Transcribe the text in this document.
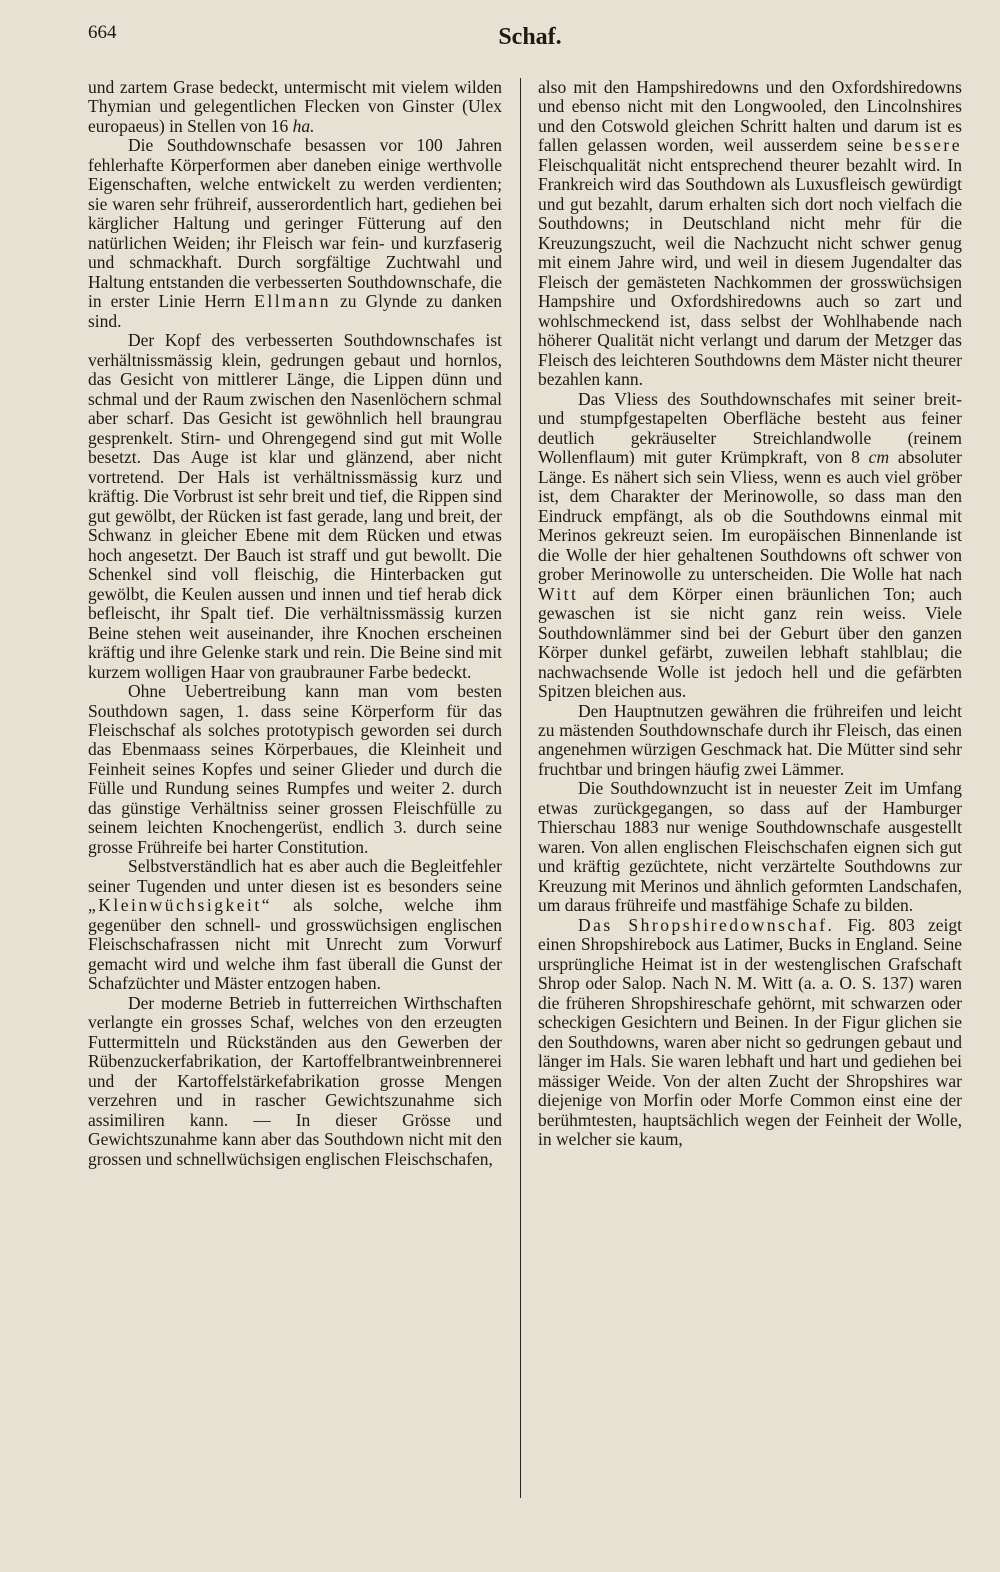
664	Schaf.

und zartem Grase bedeckt, untermischt mit vielem wilden Thymian und gelegentlichen Flecken von Ginster (Ulex europaeus) in Stellen von 16 ha.

Die Southdownschafe besassen vor 100 Jahren fehlerhafte Körperformen aber daneben einige werthvolle Eigenschaften, welche entwickelt zu werden verdienten; sie waren sehr frühreif, ausserordentlich hart, gediehen bei kärglicher Haltung und geringer Fütterung auf den natürlichen Weiden; ihr Fleisch war fein- und kurzfaserig und schmackhaft. Durch sorgfältige Zuchtwahl und Haltung entstanden die verbesserten Southdownschafe, die in erster Linie Herrn Ellmann zu Glynde zu danken sind.

Der Kopf des verbesserten Southdownschafes ist verhältnissmässig klein, gedrungen gebaut und hornlos, das Gesicht von mittlerer Länge, die Lippen dünn und schmal und der Raum zwischen den Nasenlöchern schmal aber scharf. Das Gesicht ist gewöhnlich hell braungrau gesprenkelt. Stirn- und Ohrengegend sind gut mit Wolle besetzt. Das Auge ist klar und glänzend, aber nicht vortretend. Der Hals ist verhältnissmässig kurz und kräftig. Die Vorbrust ist sehr breit und tief, die Rippen sind gut gewölbt, der Rücken ist fast gerade, lang und breit, der Schwanz in gleicher Ebene mit dem Rücken und etwas hoch angesetzt. Der Bauch ist straff und gut bewollt. Die Schenkel sind voll fleischig, die Hinterbacken gut gewölbt, die Keulen aussen und innen und tief herab dick befleischt, ihr Spalt tief. Die verhältnissmässig kurzen Beine stehen weit auseinander, ihre Knochen erscheinen kräftig und ihre Gelenke stark und rein. Die Beine sind mit kurzem wolligen Haar von graubrauner Farbe bedeckt.

Ohne Uebertreibung kann man vom besten Southdown sagen, 1. dass seine Körperform für das Fleischschaf als solches prototypisch geworden sei durch das Ebenmaass seines Körperbaues, die Kleinheit und Feinheit seines Kopfes und seiner Glieder und durch die Fülle und Rundung seines Rumpfes und weiter 2. durch das günstige Verhältniss seiner grossen Fleischfülle zu seinem leichten Knochengerüst, endlich 3. durch seine grosse Frühreife bei harter Constitution.

Selbstverständlich hat es aber auch die Begleitfehler seiner Tugenden und unter diesen ist es besonders seine „Kleinwüchsigkeit“ als solche, welche ihm gegenüber den schnell- und grosswüchsigen englischen Fleischschafrassen nicht mit Unrecht zum Vorwurf gemacht wird und welche ihm fast überall die Gunst der Schafzüchter und Mäster entzogen haben.

Der moderne Betrieb in futterreichen Wirthschaften verlangte ein grosses Schaf, welches von den erzeugten Futtermitteln und Rückständen aus den Gewerben der Rübenzuckerfabrikation, der Kartoffelbrantweinbrennerei und der Kartoffelstärkefabrikation grosse Mengen verzehren und in rascher Gewichtszunahme sich assimiliren kann. — In dieser Grösse und Gewichtszunahme kann aber das Southdown nicht mit den grossen und schnellwüchsigen englischen Fleischschafen,

also mit den Hampshiredowns und den Oxfordshiredowns und ebenso nicht mit den Longwooled, den Lincolnshires und den Cotswold gleichen Schritt halten und darum ist es fallen gelassen worden, weil ausserdem seine bessere Fleischqualität nicht entsprechend theurer bezahlt wird. In Frankreich wird das Southdown als Luxusfleisch gewürdigt und gut bezahlt, darum erhalten sich dort noch vielfach die Southdowns; in Deutschland nicht mehr für die Kreuzungszucht, weil die Nachzucht nicht schwer genug mit einem Jahre wird, und weil in diesem Jugendalter das Fleisch der gemästeten Nachkommen der grosswüchsigen Hampshire und Oxfordshiredowns auch so zart und wohlschmeckend ist, dass selbst der Wohlhabende nach höherer Qualität nicht verlangt und darum der Metzger das Fleisch des leichteren Southdowns dem Mäster nicht theurer bezahlen kann.

Das Vliess des Southdownschafes mit seiner breit- und stumpfgestapelten Oberfläche besteht aus feiner deutlich gekräuselter Streichlandwolle (reinem Wollenflaum) mit guter Krümpkraft, von 8 cm absoluter Länge. Es nähert sich sein Vliess, wenn es auch viel gröber ist, dem Charakter der Merinowolle, so dass man den Eindruck empfängt, als ob die Southdowns einmal mit Merinos gekreuzt seien. Im europäischen Binnenlande ist die Wolle der hier gehaltenen Southdowns oft schwer von grober Merinowolle zu unterscheiden. Die Wolle hat nach Witt auf dem Körper einen bräunlichen Ton; auch gewaschen ist sie nicht ganz rein weiss. Viele Southdownlämmer sind bei der Geburt über den ganzen Körper dunkel gefärbt, zuweilen lebhaft stahlblau; die nachwachsende Wolle ist jedoch hell und die gefärbten Spitzen bleichen aus.

Den Hauptnutzen gewähren die frühreifen und leicht zu mästenden Southdownschafe durch ihr Fleisch, das einen angenehmen würzigen Geschmack hat. Die Mütter sind sehr fruchtbar und bringen häufig zwei Lämmer.

Die Southdownzucht ist in neuester Zeit im Umfang etwas zurückgegangen, so dass auf der Hamburger Thierschau 1883 nur wenige Southdownschafe ausgestellt waren. Von allen englischen Fleischschafen eignen sich gut und kräftig gezüchtete, nicht verzärtelte Southdowns zur Kreuzung mit Merinos und ähnlich geformten Landschafen, um daraus frühreife und mastfähige Schafe zu bilden.

Das Shropshiredownschaf. Fig. 803 zeigt einen Shropshirebock aus Latimer, Bucks in England. Seine ursprüngliche Heimat ist in der westenglischen Grafschaft Shrop oder Salop. Nach N. M. Witt (a. a. O. S. 137) waren die früheren Shropshireschafe gehörnt, mit schwarzen oder scheckigen Gesichtern und Beinen. In der Figur glichen sie den Southdowns, waren aber nicht so gedrungen gebaut und länger im Hals. Sie waren lebhaft und hart und gediehen bei mässiger Weide. Von der alten Zucht der Shropshires war diejenige von Morfin oder Morfe Common einst eine der berühmtesten, hauptsächlich wegen der Feinheit der Wolle, in welcher sie kaum,
